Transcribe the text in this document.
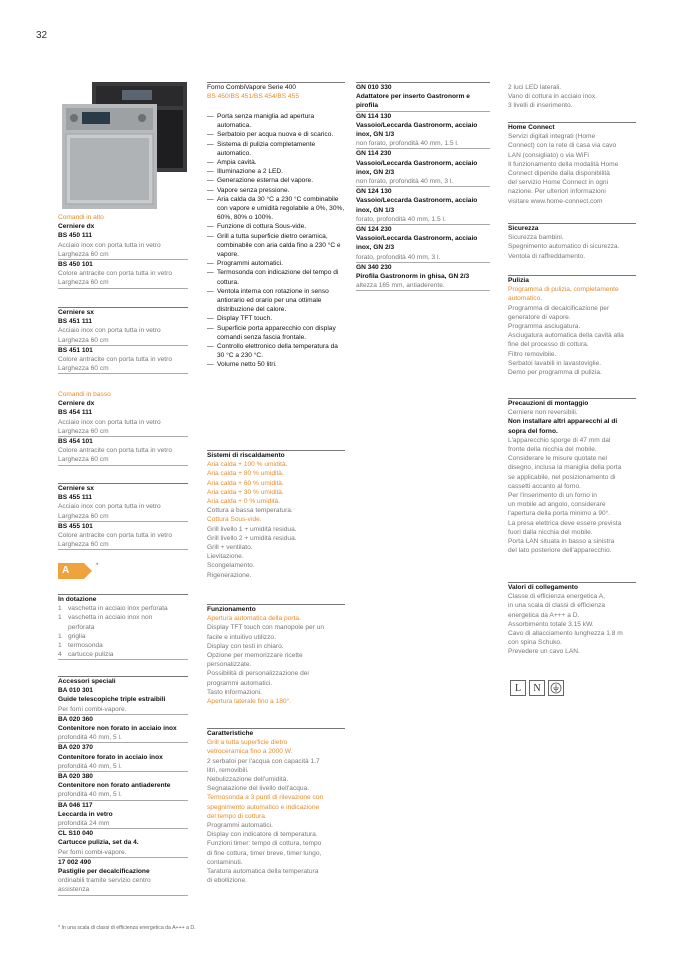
32
Comandi in alto
Cerniere dx
BS 450 111
Acciaio inox con porta tutta in vetro
Larghezza 60 cm
BS 450 101
Colore antracite con porta tutta in vetro
Larghezza 60 cm
Cerniere sx
BS 451 111
Acciaio inox con porta tutta in vetro
Larghezza 60 cm
BS 451 101
Colore antracite con porta tutta in vetro
Larghezza 60 cm
Comandi in basso
Cerniere dx
BS 454 111
Acciaio inox con porta tutta in vetro
Larghezza 60 cm
BS 454 101
Colore antracite con porta tutta in vetro
Larghezza 60 cm
Cerniere sx
BS 455 111
Acciaio inox con porta tutta in vetro
Larghezza 60 cm
BS 455 101
Colore antracite con porta tutta in vetro
Larghezza 60 cm
In dotazione
1 vaschetta in acciaio inox perforata
1 vaschetta in acciaio inox non
perforata
1 griglia
1 termosonda
4 cartucce pulizia
Accessori speciali
BA 010 301
Guide telescopiche triple estraibili
Per forni combi-vapore.
BA 020 360
Contenitore non forato in acciaio inox
profondità 40 mm, 5 l.
BA 020 370
Contenitore forato in acciaio inox
profondità 40 mm, 5 l.
BA 020 380
Contenitore non forato antiaderente
profondità 40 mm, 5 l.
BA 046 117
Leccarda in vetro
profondità 24 mm
CL S10 040
Cartucce pulizia, set da 4.
Per forni combi-vapore.
17 002 490
Pastiglie per decalcificazione
ordinabili tramite servizio centro
assistenza
A	*
Forno CombiVapore Serie 400
BS 450/BS 451/BS 454/BS 455
— Porta senza maniglia ad apertura automatica.
— Serbatoio per acqua nuova e di scarico.
— Sistema di pulizia completamente automatico.
— Ampia cavità.
— Illuminazione a 2 LED.
— Generazione esterna del vapore.
— Vapore senza pressione.
— Aria calda da 30 °C a 230 °C combinabile con vapore e umidità regolabile a 0%, 30%, 60%, 80% o 100%.
— Funzione di cottura Sous-vide.
— Grill a tutta superficie dietro ceramica, combinabile con aria calda fino a 230 °C e vapore.
— Programmi automatici.
— Termosonda con indicazione del tempo di cottura.
— Ventola interna con rotazione in senso antiorario ed orario per una ottimale distribuzione del calore.
— Display TFT touch.
— Superficie porta apparecchio con display comandi senza fascia frontale.
— Controllo elettronico della temperatura da 30 °C a 230 °C.
— Volume netto 50 litri.
Sistemi di riscaldamento
Aria calda + 100 % umidità.
Aria calda + 80 % umidità.
Aria calda + 60 % umidità.
Aria calda + 30 % umidità.
Aria calda + 0 % umidità.
Cottura a bassa temperatura.
Cottura Sous-vide.
Grill livello 1 + umidità residua.
Grill livello 2 + umidità residua.
Grill + ventilato.
Lievitazione.
Scongelamento.
Rigenerazione.
Funzionamento
Apertura automatica della porta.
Display TFT touch con manopole per un
facile e intuitivo utilizzo.
Display con testi in chiaro.
Opzione per memorizzare ricette
personalizzate.
Possibilità di personalizzazione dei
programmi automatici.
Tasto informazioni.
Apertura laterale fino a 180°.
Caratteristiche
Grill a tutta superficie dietro
vetroceramica fino a 2000 W.
2 serbatoi per l'acqua con capacità 1.7
litri, removibili.
Nebulizzazione dell'umidità.
Segnalazione del livello dell'acqua.
Termosonda a 3 punti di rilevazione con
spegnimento automatico e indicazione
del tempo di cottura.
Programmi automatici.
Display con indicatore di temperatura.
Funzioni timer: tempo di cottura, tempo
di fine cottura, timer breve, timer lungo,
contaminuti.
Taratura automatica della temperatura
di ebollizione.
GN 010 330
Adattatore per inserto Gastronorm e
pirofila
GN 114 130
Vassoio/Leccarda Gastronorm, acciaio
inox, GN 1/3
non forato, profondità 40 mm, 1.5 l.
GN 114 230
Vassoio/Leccarda Gastronorm, acciaio
inox, GN 2/3
non forato, profondità 40 mm, 3 l.
GN 124 130
Vassoio/Leccarda Gastronorm, acciaio
inox, GN 1/3
forato, profondità 40 mm, 1.5 l.
GN 124 230
Vassoio/Leccarda Gastronorm, acciaio
inox, GN 2/3
forato, profondità 40 mm, 3 l.
GN 340 230
Pirofila Gastronorm in ghisa, GN 2/3
altezza 165 mm, antiaderente.
2 luci LED laterali.
Vano di cottura in acciaio inox.
3 livelli di inserimento.
Home Connect
Servizi digitali integrati (Home
Connect) con la rete di casa via cavo
LAN (consigliato) o via WiFi
Il funzionamento della modalità Home
Connect dipende dalla disponibilità
del servizio Home Connect in ogni
nazione. Per ulteriori informazioni
visitare www.home-connect.com
Sicurezza
Sicurezza bambini.
Spegnimento automatico di sicurezza.
Ventola di raffreddamento.
Pulizia
Programma di pulizia, completamente
automatico.
Programma di decalcificazione per
generatore di vapore.
Programma asciugatura.
Asciugatura automatica della cavità alla
fine del processo di cottura.
Filtro removibile.
Serbatoi lavabili in lavastoviglie.
Demo per programma di pulizia.
Precauzioni di montaggio
Cerniere non reversibili.
Non installare altri apparecchi al di
sopra del forno.
L'apparecchio sporge di 47 mm dal
fronte della nicchia del mobile.
Considerare le misure quotate nel
disegno, inclusa la maniglia della porta
se applicabile, nel posizionamento di
cassetti accanto al forno.
Per l'inserimento di un forno in
un mobile ad angolo, considerare
l'apertura della porta minimo a 90°.
La presa elettrica deve essere prevista
fuori dalla nicchia del mobile.
Porta LAN situata in basso a sinistra
del lato posteriore dell'apparecchio.
Valori di collegamento
Classe di efficienza energetica A,
in una scala di classi di efficienza
energetica da A+++ a D.
Assorbimento totale 3.15 kW.
Cavo di allacciamento lunghezza 1.8 m
con spina Schuko.
Prevedere un cavo LAN.
L	N
* In una scala di classi di efficienza energetica da A+++ a D.
